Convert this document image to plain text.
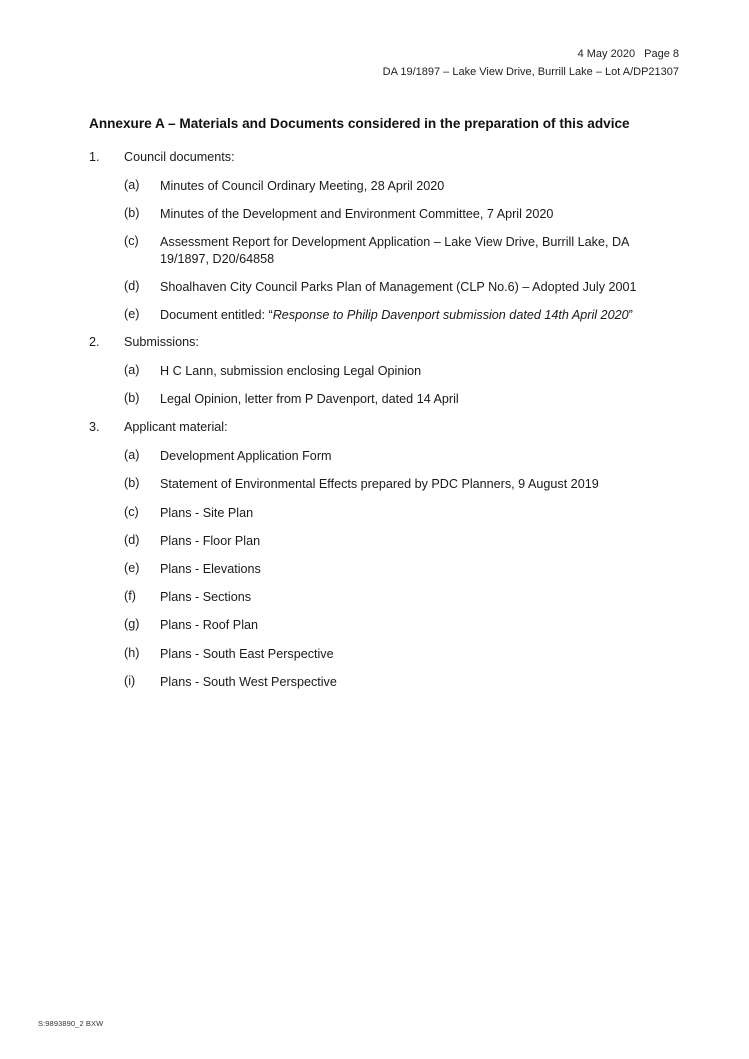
4 May 2020 Page 8
DA 19/1897 – Lake View Drive, Burrill Lake – Lot A/DP21307
Annexure A – Materials and Documents considered in the preparation of this advice
1. Council documents:
(a) Minutes of Council Ordinary Meeting, 28 April 2020
(b) Minutes of the Development and Environment Committee, 7 April 2020
(c) Assessment Report for Development Application – Lake View Drive, Burrill Lake, DA 19/1897, D20/64858
(d) Shoalhaven City Council Parks Plan of Management (CLP No.6) – Adopted July 2001
(e) Document entitled: “Response to Philip Davenport submission dated 14th April 2020”
2. Submissions:
(a) H C Lann, submission enclosing Legal Opinion
(b) Legal Opinion, letter from P Davenport, dated 14 April
3. Applicant material:
(a) Development Application Form
(b) Statement of Environmental Effects prepared by PDC Planners, 9 August 2019
(c) Plans - Site Plan
(d) Plans - Floor Plan
(e) Plans - Elevations
(f) Plans - Sections
(g) Plans - Roof Plan
(h) Plans - South East Perspective
(i) Plans - South West Perspective
S:9893890_2 BXW
